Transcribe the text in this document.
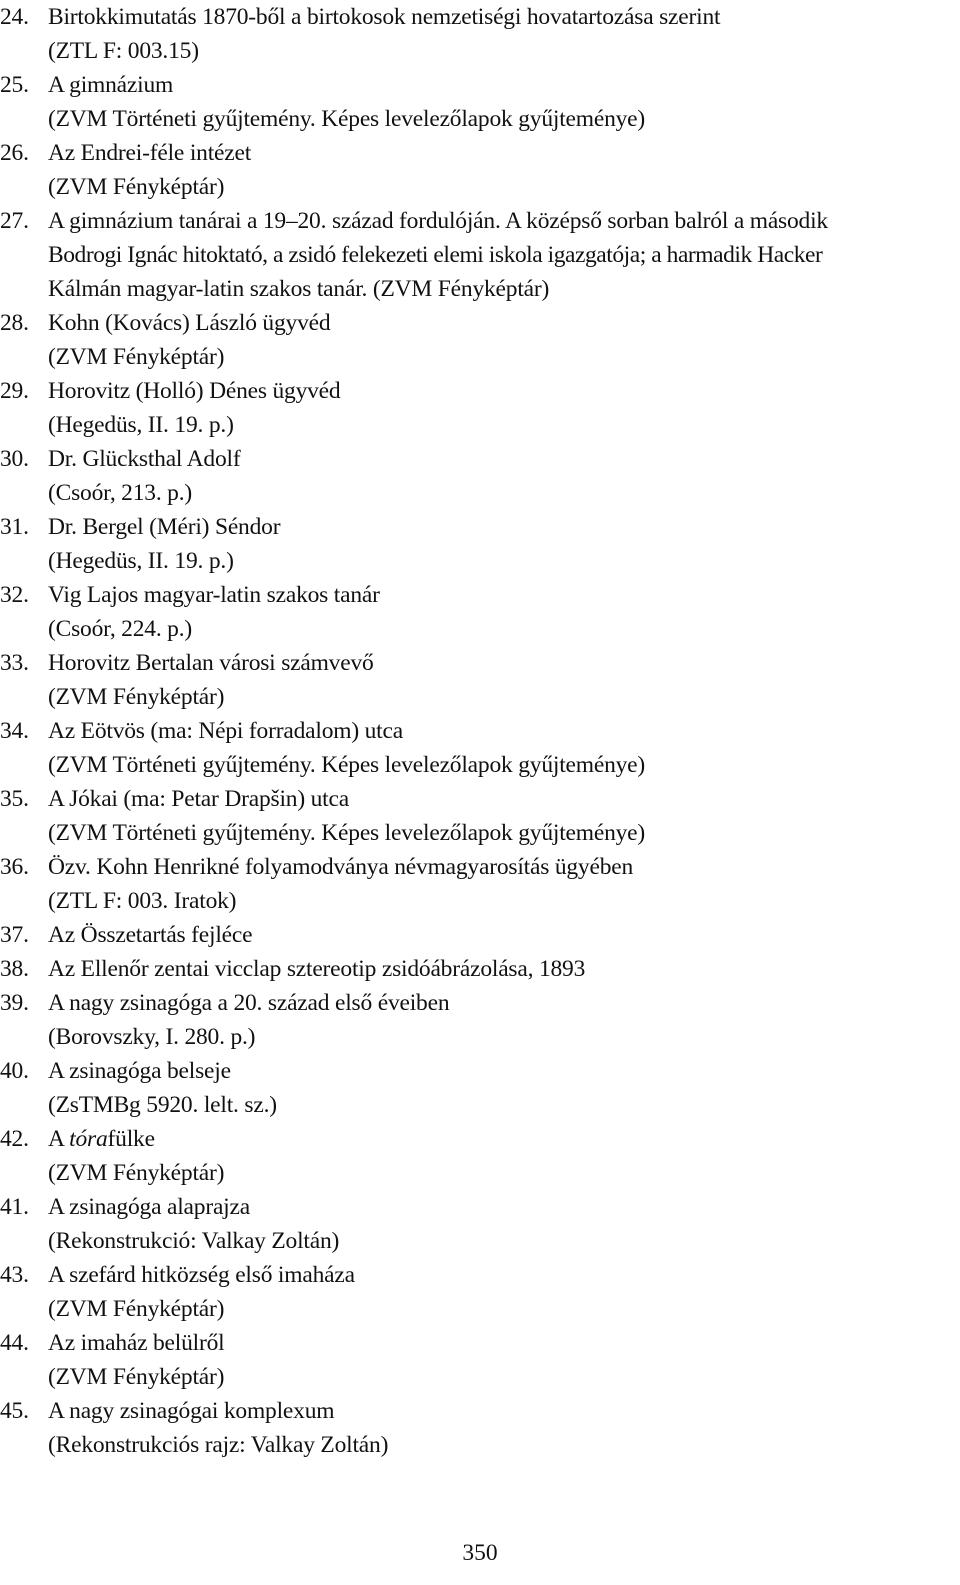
24. Birtokkimutatás 1870-ből a birtokosok nemzetiségi hovatartozása szerint
(ZTL F: 003.15)
25. A gimnázium
(ZVM Történeti gyűjtemény. Képes levelezőlapok gyűjteménye)
26. Az Endrei-féle intézet
(ZVM Fényképtár)
27. A gimnázium tanárai a 19–20. század fordulóján. A középső sorban balról a második
Bodrogi Ignác hitoktató, a zsidó felekezeti elemi iskola igazgatója; a harmadik Hacker
Kálmán magyar-latin szakos tanár. (ZVM Fényképtár)
28. Kohn (Kovács) László ügyvéd
(ZVM Fényképtár)
29. Horovitz (Holló) Dénes ügyvéd
(Hegedüs, II. 19. p.)
30. Dr. Glücksthal Adolf
(Csoór, 213. p.)
31. Dr. Bergel (Méri) Séndor
(Hegedüs, II. 19. p.)
32. Vig Lajos magyar-latin szakos tanár
(Csoór, 224. p.)
33. Horovitz Bertalan városi számvevő
(ZVM Fényképtár)
34. Az Eötvös (ma: Népi forradalom) utca
(ZVM Történeti gyűjtemény. Képes levelezőlapok gyűjteménye)
35. A Jókai (ma: Petar Drapšin) utca
(ZVM Történeti gyűjtemény. Képes levelezőlapok gyűjteménye)
36. Özv. Kohn Henrikné folyamodványa névmagyarosítás ügyében
(ZTL F: 003. Iratok)
37. Az Összetartás fejléce
38. Az Ellenőr zentai vicclap sztereotip zsidóábrázolása, 1893
39. A nagy zsinagóga a 20. század első éveiben
(Borovszky, I. 280. p.)
40. A zsinagóga belseje
(ZsTMBg 5920. lelt. sz.)
42. A tórafülke
(ZVM Fényképtár)
41. A zsinagóga alaprajza
(Rekonstrukció: Valkay Zoltán)
43. A szefárd hitközség első imaháza
(ZVM Fényképtár)
44. Az imaház belülről
(ZVM Fényképtár)
45. A nagy zsinagógai komplexum
(Rekonstrukciós rajz: Valkay Zoltán)
350
